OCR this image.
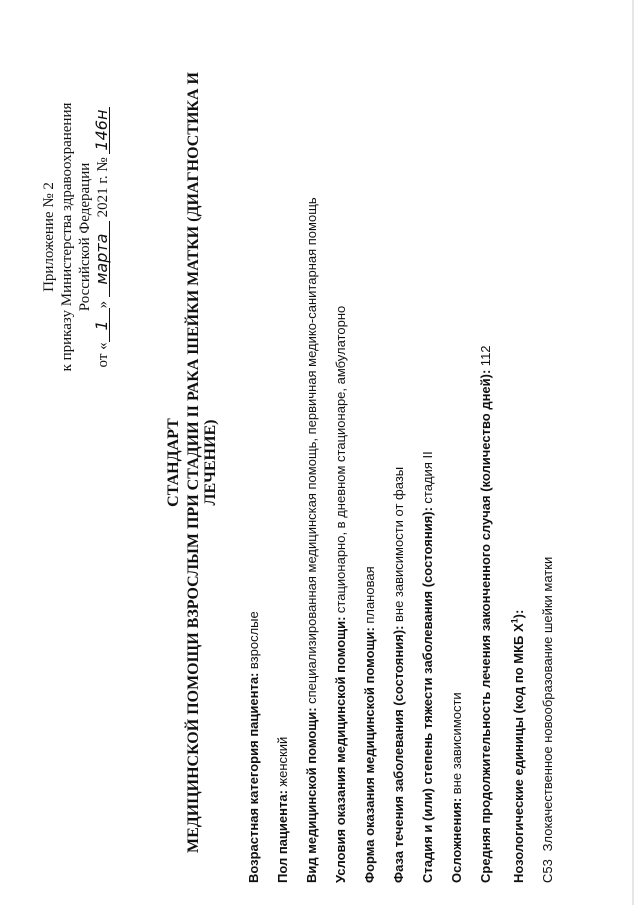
Приложение № 2 к приказу Министерства здравоохранения Российской Федерации
от «1» марта 2021 г. № 146н
СТАНДАРТ МЕДИЦИНСКОЙ ПОМОЩИ ВЗРОСЛЫМ ПРИ СТАДИИ II РАКА ШЕЙКИ МАТКИ (ДИАГНОСТИКА И ЛЕЧЕНИЕ)
Возрастная категория пациента: взрослые
Пол пациента: женский	Вид медицинской помощи: специализированная медицинская помощь, первичная медико-санитарная помощь
Условия оказания медицинской помощи: стационарно, в дневном стационаре, амбулаторно
Форма оказания медицинской помощи: плановая
Фаза течения заболевания (состояния): вне зависимости от фазы	Стадия и (или) степень тяжести заболевания (состояния): стадия II
Осложнения: вне зависимости	Средняя продолжительность лечения законченного случая (количество дней): 112
Нозологические единицы (код по МКБ $X^1$):
C53 Злокачественное новообразование шейки матки
